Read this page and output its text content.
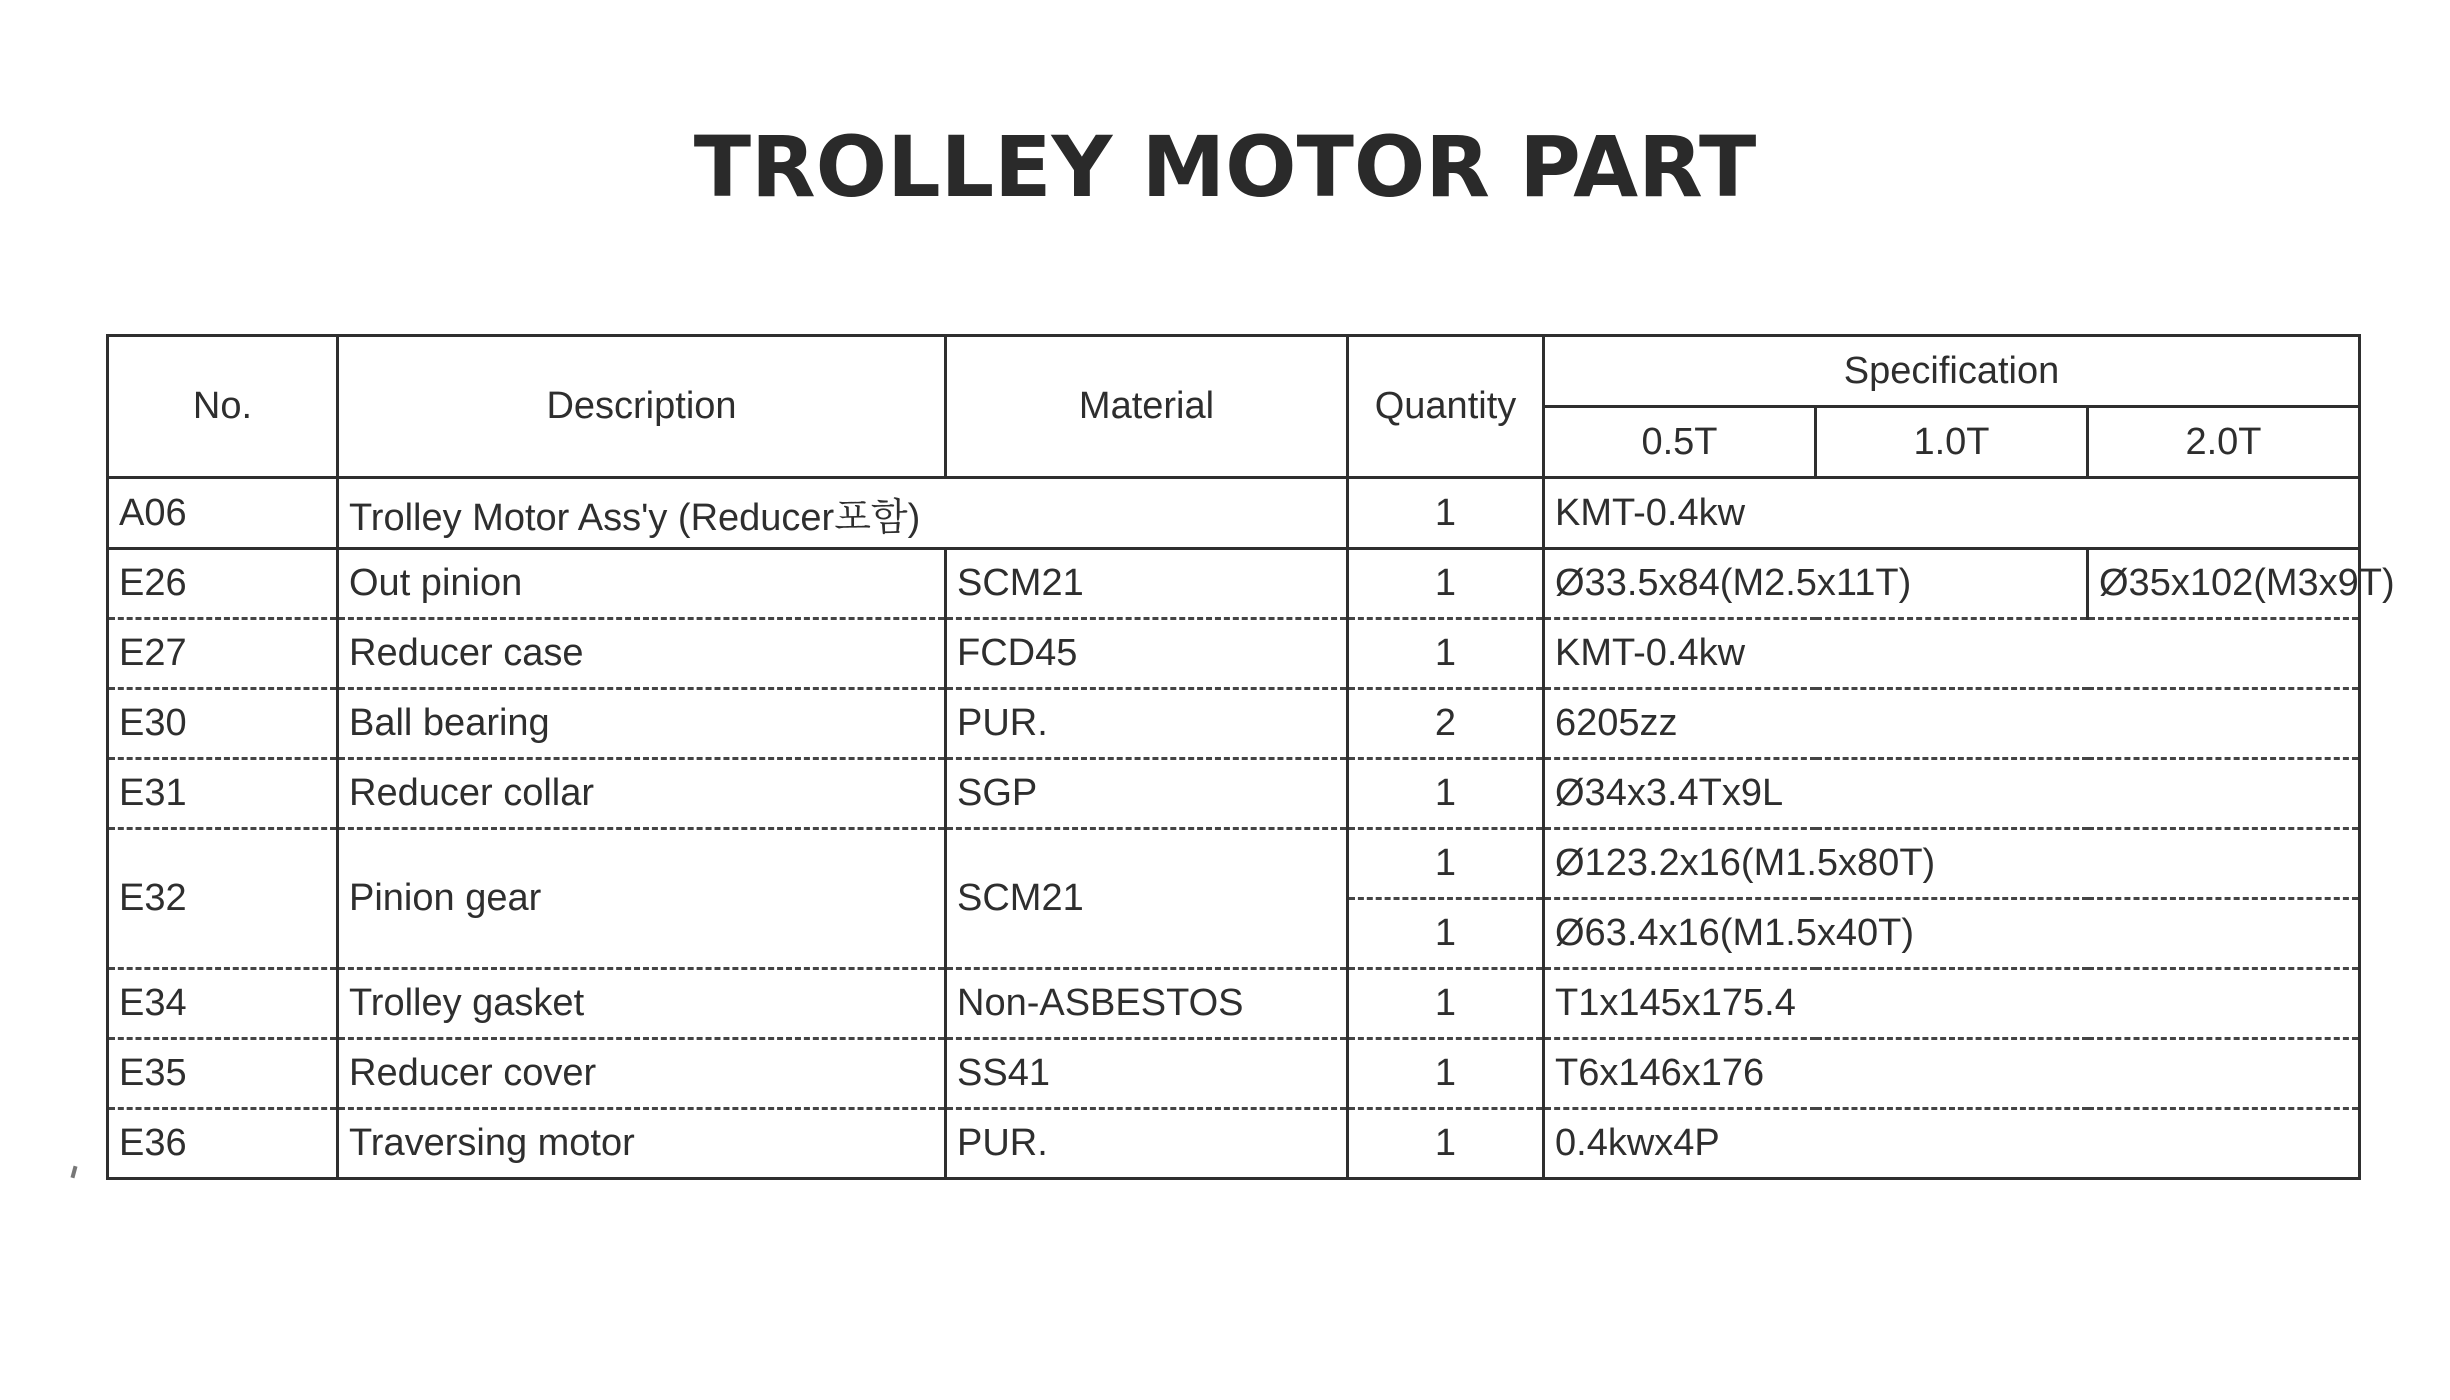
TROLLEY MOTOR PART
No.	Description	Material	Quantity	Specification		
				0.5T	1.0T	2.0T
A06	Trolley Motor Ass'y (Reducer포함)		1	KMT-0.4kw		
E26	Out pinion	SCM21	1	Ø33.5x84(M2.5x11T)		Ø35x102(M3x9T)
E27	Reducer case	FCD45	1	KMT-0.4kw		
E30	Ball bearing	PUR.	2	6205zz		
E31	Reducer collar	SGP	1	Ø34x3.4Tx9L		
E32	Pinion gear	SCM21	1	Ø123.2x16(M1.5x80T)		
			1	Ø63.4x16(M1.5x40T)		
E34	Trolley gasket	Non-ASBESTOS	1	T1x145x175.4		
E35	Reducer cover	SS41	1	T6x146x176		
E36	Traversing motor	PUR.	1	0.4kwx4P		
